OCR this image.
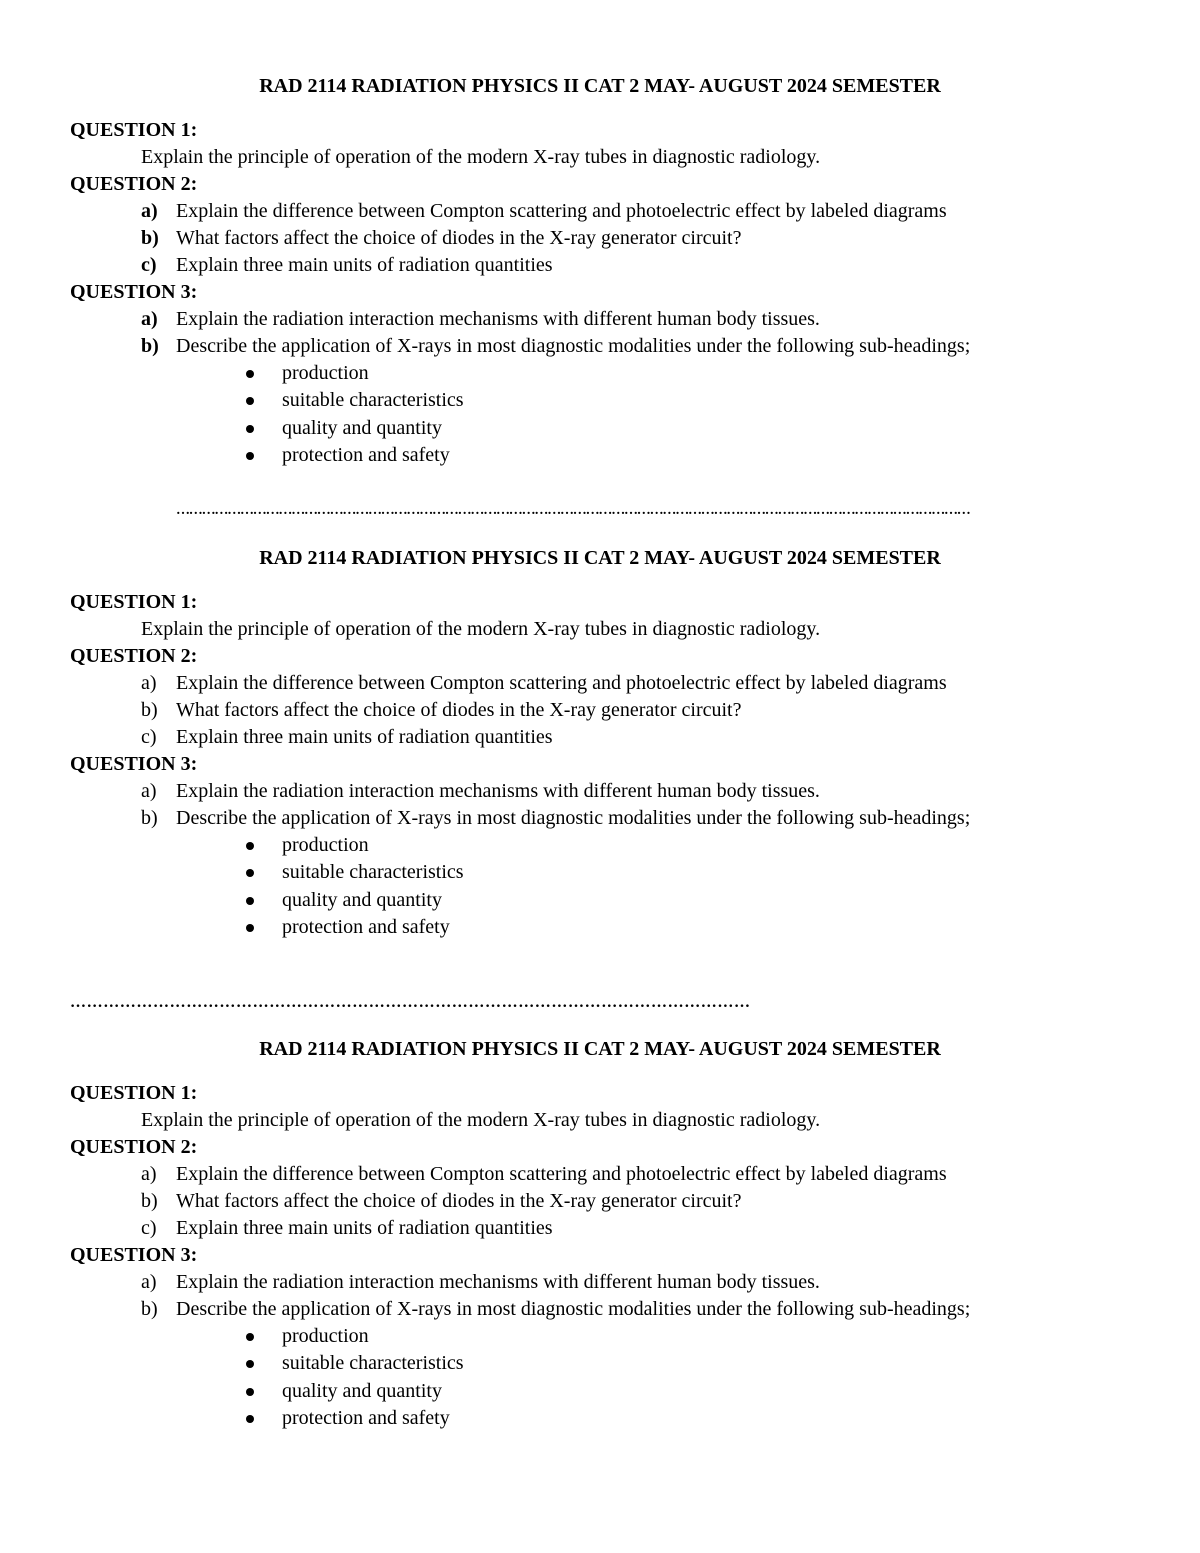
RAD 2114 RADIATION PHYSICS II CAT 2 MAY- AUGUST 2024 SEMESTER

QUESTION 1:

Explain the principle of operation of the modern X-ray tubes in diagnostic radiology.

QUESTION 2:

a) Explain the difference between Compton scattering and photoelectric effect by labeled diagrams

b) What factors affect the choice of diodes in the X-ray generator circuit?

c) Explain three main units of radiation quantities

QUESTION 3:

a) Explain the radiation interaction mechanisms with different human body tissues.

b) Describe the application of X-rays in most diagnostic modalities under the following sub-headings;

production

suitable characteristics

quality and quantity

protection and safety

……………………………………………………………………………………………………………………………………………………………………

RAD 2114 RADIATION PHYSICS II CAT 2 MAY- AUGUST 2024 SEMESTER

QUESTION 1:

Explain the principle of operation of the modern X-ray tubes in diagnostic radiology.

QUESTION 2:

a) Explain the difference between Compton scattering and photoelectric effect by labeled diagrams

b) What factors affect the choice of diodes in the X-ray generator circuit?

c) Explain three main units of radiation quantities

QUESTION 3:

a) Explain the radiation interaction mechanisms with different human body tissues.

b) Describe the application of X-rays in most diagnostic modalities under the following sub-headings;

production

suitable characteristics

quality and quantity

protection and safety

……………………………………………………………………………………………………………

RAD 2114 RADIATION PHYSICS II CAT 2 MAY- AUGUST 2024 SEMESTER

QUESTION 1:

Explain the principle of operation of the modern X-ray tubes in diagnostic radiology.

QUESTION 2:

a) Explain the difference between Compton scattering and photoelectric effect by labeled diagrams

b) What factors affect the choice of diodes in the X-ray generator circuit?

c) Explain three main units of radiation quantities

QUESTION 3:

a) Explain the radiation interaction mechanisms with different human body tissues.

b) Describe the application of X-rays in most diagnostic modalities under the following sub-headings;

production

suitable characteristics

quality and quantity

protection and safety
